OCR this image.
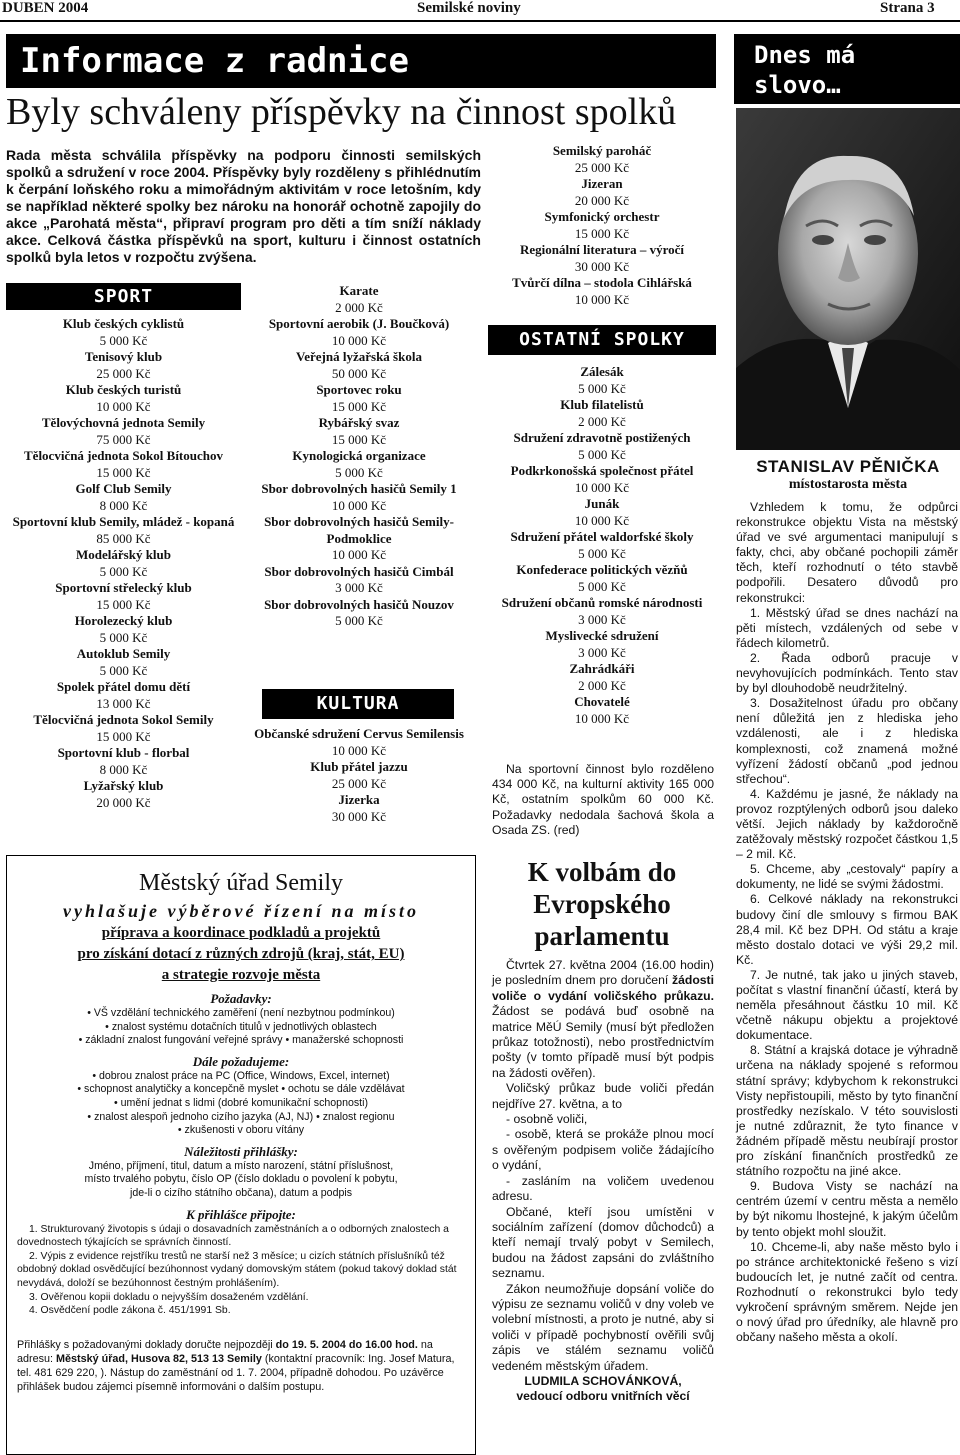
DUBEN 2004	Semilské noviny	Strana 3
Informace z radnice	Dnes má slovo…
Byly schváleny příspěvky na činnost spolků
Rada města schválila příspěvky na podporu činnosti semilských spolků a sdružení v roce 2004. Příspěvky byly rozděleny s přihlédnutím k čerpání loňského roku a mimořádným aktivitám v roce letošním, kdy se například některé spolky bez nároku na honorář ochotně zapojily do akce „Parohatá města“, připraví program pro děti a tím sníží náklady akce. Celková částka příspěvků na sport, kulturu i činnost ostatních spolků byla letos v rozpočtu zvýšena.
SPORT
Klub českých cyklistů
5 000 Kč
Tenisový klub
25 000 Kč
Klub českých turistů
10 000 Kč
Tělovýchovná jednota Semily
75 000 Kč
Tělocvičná jednota Sokol Bítouchov
15 000 Kč
Golf Club Semily
8 000 Kč
Sportovní klub Semily, mládež - kopaná
85 000 Kč
Modelářský klub
5 000 Kč
Sportovní střelecký klub
15 000 Kč
Horolezecký klub
5 000 Kč
Autoklub Semily
5 000 Kč
Spolek přátel domu dětí
13 000 Kč
Tělocvičná jednota Sokol Semily
15 000 Kč
Sportovní klub - florbal
8 000 Kč
Lyžařský klub
20 000 Kč
Karate
2 000 Kč
Sportovní aerobik (J. Boučková)
10 000 Kč
Veřejná lyžařská škola
50 000 Kč
Sportovec roku
15 000 Kč
Rybářský svaz
15 000 Kč
Kynologická organizace
5 000 Kč
Sbor dobrovolných hasičů Semily 1
10 000 Kč
Sbor dobrovolných hasičů Semily-Podmoklice
10 000 Kč
Sbor dobrovolných hasičů Cimbál
3 000 Kč
Sbor dobrovolných hasičů Nouzov
5 000 Kč
KULTURA
Občanské sdružení Cervus Semilensis
10 000 Kč
Klub přátel jazzu
25 000 Kč
Jizerka
30 000 Kč
Semilský paroháč
25 000 Kč
Jizeran
20 000 Kč
Symfonický orchestr
15 000 Kč
Regionální literatura – výročí
30 000 Kč
Tvůrčí dílna – stodola Cihlářská
10 000 Kč
OSTATNÍ SPOLKY
Zálesák
5 000 Kč
Klub filatelistů
2 000 Kč
Sdružení zdravotně postižených
5 000 Kč
Podkrkonošská společnost přátel
10 000 Kč
Junák
10 000 Kč
Sdružení přátel waldorfské školy
5 000 Kč
Konfederace politických vězňů
5 000 Kč
Sdružení občanů romské národnosti
3 000 Kč
Myslivecké sdružení
3 000 Kč
Zahrádkáři
2 000 Kč
Chovatelé
10 000 Kč
Na sportovní činnost bylo rozděleno 434 000 Kč, na kulturní aktivity 165 000 Kč, ostatním spolkům 60 000 Kč. Požadavky nedodala šachová škola a Osada ZS. (red)
K volbám do Evropského parlamentu

Čtvrtek 27. května 2004 (16.00 hodin) je posledním dnem pro doručení žádosti voliče o vydání voličského průkazu. Žádost se podává buď osobně na matrice MěÚ Semily (musí být předložen průkaz totožnosti), nebo prostřednictvím pošty (v tomto případě musí být podpis na žádosti ověřen).

Voličský průkaz bude voliči předán nejdříve 27. května, a to

- osobně voliči,

- osobě, která se prokáže plnou mocí s ověřeným podpisem voliče žádajícího o vydání,

- zasláním na voličem uvedenou adresu.

Občané, kteří jsou umístěni v sociálním zařízení (domov důchodců) a kteří nemají trvalý pobyt v Semilech, budou na žádost zapsáni do zvláštního seznamu.

Zákon neumožňuje dopsání voliče do výpisu ze seznamu voličů v dny voleb ve volební místnosti, a proto je nutné, aby si voliči v případě pochybností ověřili svůj zápis ve stálém seznamu voličů vedeném městským úřadem.

LUDMILA SCHOVÁNKOVÁ,

vedoucí odboru vnitřních věcí

STANISLAV PĚNIČKA
místostarosta města

Vzhledem k tomu, že odpůrci rekonstrukce objektu Vista na městský úřad ve své argumentaci manipulují s fakty, chci, aby občané pochopili záměr těch, kteří rozhodnutí o této stavbě podpořili. Desatero důvodů pro rekonstrukci:

1. Městský úřad se dnes nachází na pěti místech, vzdálených od sebe v řádech kilometrů.

2. Řada odborů pracuje v nevyhovujících podmínkách. Tento stav by byl dlouhodobě neudržitelný.

3. Dosažitelnost úřadu pro občany není důležitá jen z hlediska jeho vzdálenosti, ale i z hlediska komplexnosti, což znamená možné vyřízení žádostí občanů „pod jednou střechou“.

4. Každému je jasné, že náklady na provoz rozptýlených odborů jsou daleko větší. Jejich náklady by každoročně zatěžovaly městský rozpočet částkou 1,5 – 2 mil. Kč.

5. Chceme, aby „cestovaly“ papíry a dokumenty, ne lidé se svými žádostmi.

6. Celkové náklady na rekonstrukci budovy činí dle smlouvy s firmou BAK 28,4 mil. Kč bez DPH. Od státu a kraje město dostalo dotaci ve výši 29,2 mil. Kč.

7. Je nutné, tak jako u jiných staveb, počítat s vlastní finanční účastí, která by neměla přesáhnout částku 10 mil. Kč včetně nákupu objektu a projektové dokumentace.

8. Státní a krajská dotace je výhradně určena na náklady spojené s reformou státní správy; kdybychom k rekonstrukci Visty nepřistoupili, město by tyto finanční prostředky nezískalo. V této souvislosti je nutné zdůraznit, že tyto finance v žádném případě městu neubírají prostor pro získání finančních prostředků ze státního rozpočtu na jiné akce.

9. Budova Visty se nachází na centrém území v centru města a nemělo by být nikomu lhostejné, k jakým účelům by tento objekt mohl sloužit.

10. Chceme-li, aby naše město bylo i po stránce architektonické řešeno s vizí budoucích let, je nutné začít od centra. Rozhodnutí o rekonstrukci bylo tedy vykročení správným směrem. Nejde jen o nový úřad pro úředníky, ale hlavně pro občany našeho města a okolí.

Městský úřad Semily
vyhlašuje výběrové řízení na místo
příprava a koordinace podkladů a projektů
pro získání dotací z různých zdrojů (kraj, stát, EU)
a strategie rozvoje města
Požadavky:
• VŠ vzdělání technického zaměření (není nezbytnou podmínkou)
• znalost systému dotačních titulů v jednotlivých oblastech
• základní znalost fungování veřejné správy • manažerské schopnosti
Dále požadujeme:
• dobrou znalost práce na PC (Office, Windows, Excel, internet)
• schopnost analytičky a koncepčně myslet • ochotu se dále vzdělávat
• umění jednat s lidmi (dobré komunikační schopnosti)
• znalost alespoň jednoho cizího jazyka (AJ, NJ) • znalost regionu
• zkušenosti v oboru vítány
Náležitosti přihlášky:
Jméno, příjmení, titul, datum a místo narození, státní příslušnost,
místo trvalého pobytu, číslo OP (číslo dokladu o povolení k pobytu,
jde-li o cizího státního občana), datum a podpis
K přihlášce připojte:

1. Strukturovaný životopis s údaji o dosavadních zaměstnáních a o odborných znalostech a dovednostech týkajících se správních činností.

2. Výpis z evidence rejstříku trestů ne starší než 3 měsíce; u cizích státních příslušníků též obdobný doklad osvědčující bezúhonnost vydaný domovským státem (pokud takový doklad stát nevydává, doloží se bezúhonnost čestným prohlášením).

3. Ověřenou kopii dokladu o nejvyšším dosaženém vzdělání.

4. Osvědčení podle zákona č. 451/1991 Sb.

Přihlášky s požadovanými doklady doručte nejpozději do 19. 5. 2004 do 16.00 hod. na adresu: Městský úřad, Husova 82, 513 13 Semily (kontaktní pracovník: Ing. Josef Matura, tel. 481 629 220, ). Nástup do zaměstnání od 1. 7. 2004, případně dohodou. Po uzávěrce přihlášek budou zájemci písemně informováni o dalším postupu.
